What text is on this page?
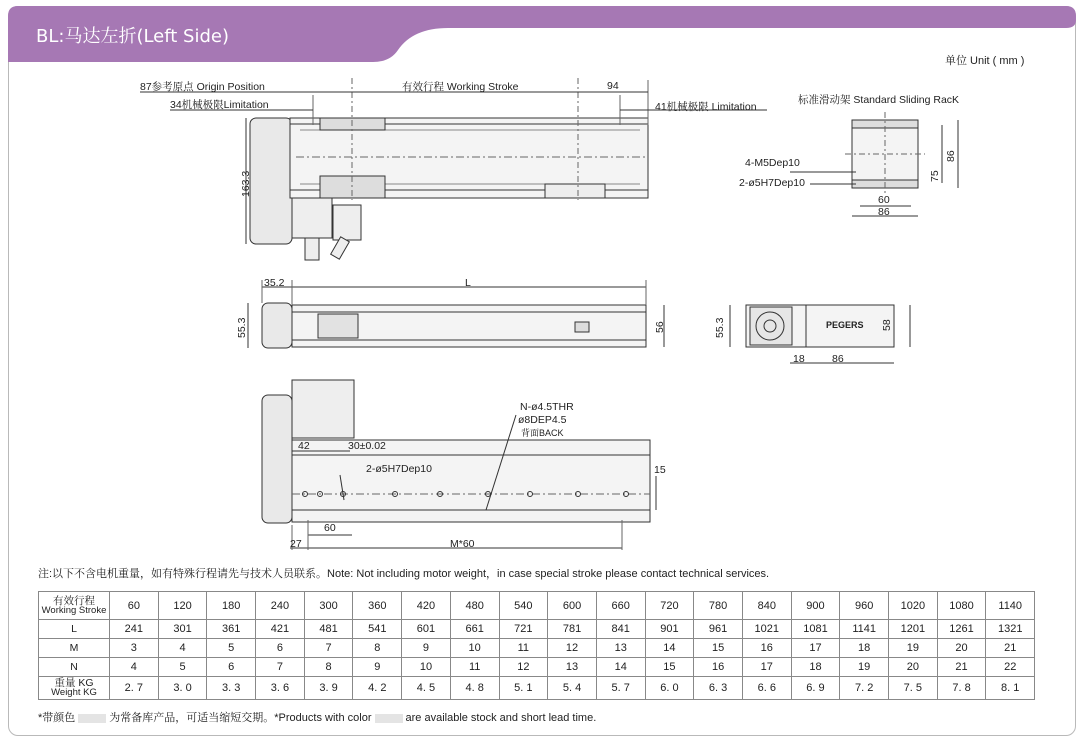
BL:马达左折(Left Side)
单位 Unit ( mm )
87参考原点 Origin Position
34机械极限Limitation
有效行程 Working Stroke	94
41机械极限 Limitation
163.3
标准滑动架 Standard Sliding RacK
4-M5Dep10
2-ø5H7Dep10
60
86
75
86
35.2	L
55.3	56	55.3	58
18	86
PEGERS
N-ø4.5THR
ø8DEP4.5
背面BACK
42	30±0.02
2-ø5H7Dep10	15
60
27	M*60
注:以下不含电机重量，如有特殊行程请先与技术人员联系。Note: Not including motor weight，in case special stroke please contact technical services.
有效行程
Working Stroke	60	120	180	240	300	360	420	480	540	600	660	720	780	840	900	960	1020	1080	1140

L	241	301	361	421	481	541	601	661	721	781	841	901	961	1021	1081	1141	1201	1261	1321

M	3	4	5	6	7	8	9	10	11	12	13	14	15	16	17	18	19	20	21

N	4	5	6	7	8	9	10	11	12	13	14	15	16	17	18	19	20	21	22

重量 KG
Weight KG	2. 7	3. 0	3. 3	3. 6	3. 9	4. 2	4. 5	4. 8	5. 1	5. 4	5. 7	6. 0	6. 3	6. 6	6. 9	7. 2	7. 5	7. 8	8. 1
*带颜色	为常备库产品，可适当缩短交期。*Products with color	are available stock and short lead time.
